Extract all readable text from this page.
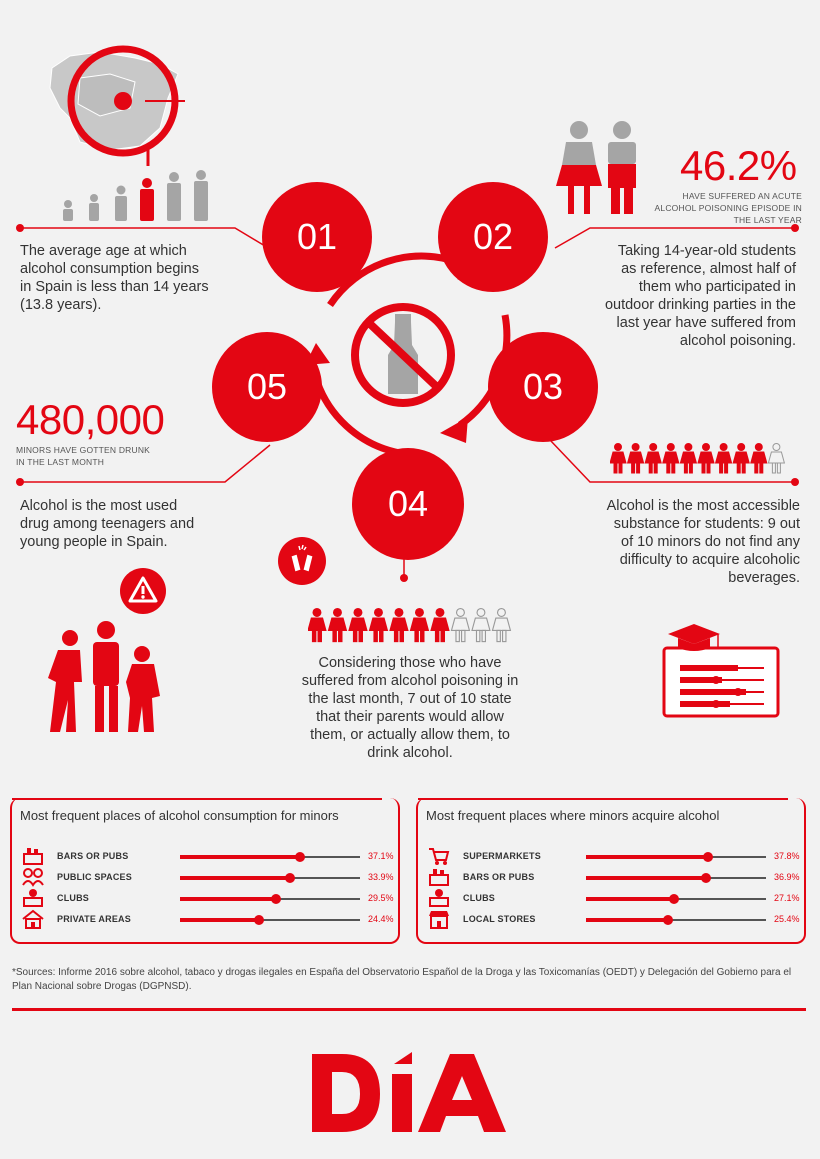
46.2%
HAVE SUFFERED AN ACUTE ALCOHOL POISONING EPISODE IN THE LAST YEAR
The average age at which alcohol consumption begins in Spain is less than 14 years (13.8 years).
Taking 14-year-old students as reference, almost half of them who participated in outdoor drinking parties in the last year have suffered from alcohol poisoning.
01	02
03
04
05
480,000
MINORS HAVE GOTTEN DRUNK IN THE LAST MONTH
Alcohol is the most used drug among teenagers and young people in Spain.
Alcohol is the most accessible substance for students: 9 out of 10 minors do not find any difficulty to acquire alcoholic beverages.
Considering those who have suffered from alcohol poisoning in the last month, 7 out of 10 state that their parents would allow them, or actually allow them, to drink alcohol.
Most frequent places of alcohol consumption for minors
BARS OR PUBS	37.1%
PUBLIC SPACES	33.9%
CLUBS	29.5%
PRIVATE AREAS	24.4%
Most frequent places where minors acquire alcohol
SUPERMARKETS	37.8%
BARS OR PUBS	36.9%
CLUBS	27.1%
LOCAL STORES	25.4%
*Sources: Informe 2016 sobre alcohol, tabaco y drogas ilegales en España del Observatorio Español de la Droga y las Toxicomanías (OEDT) y Delegación del Gobierno para el Plan Nacional sobre Drogas (DGPNSD).
